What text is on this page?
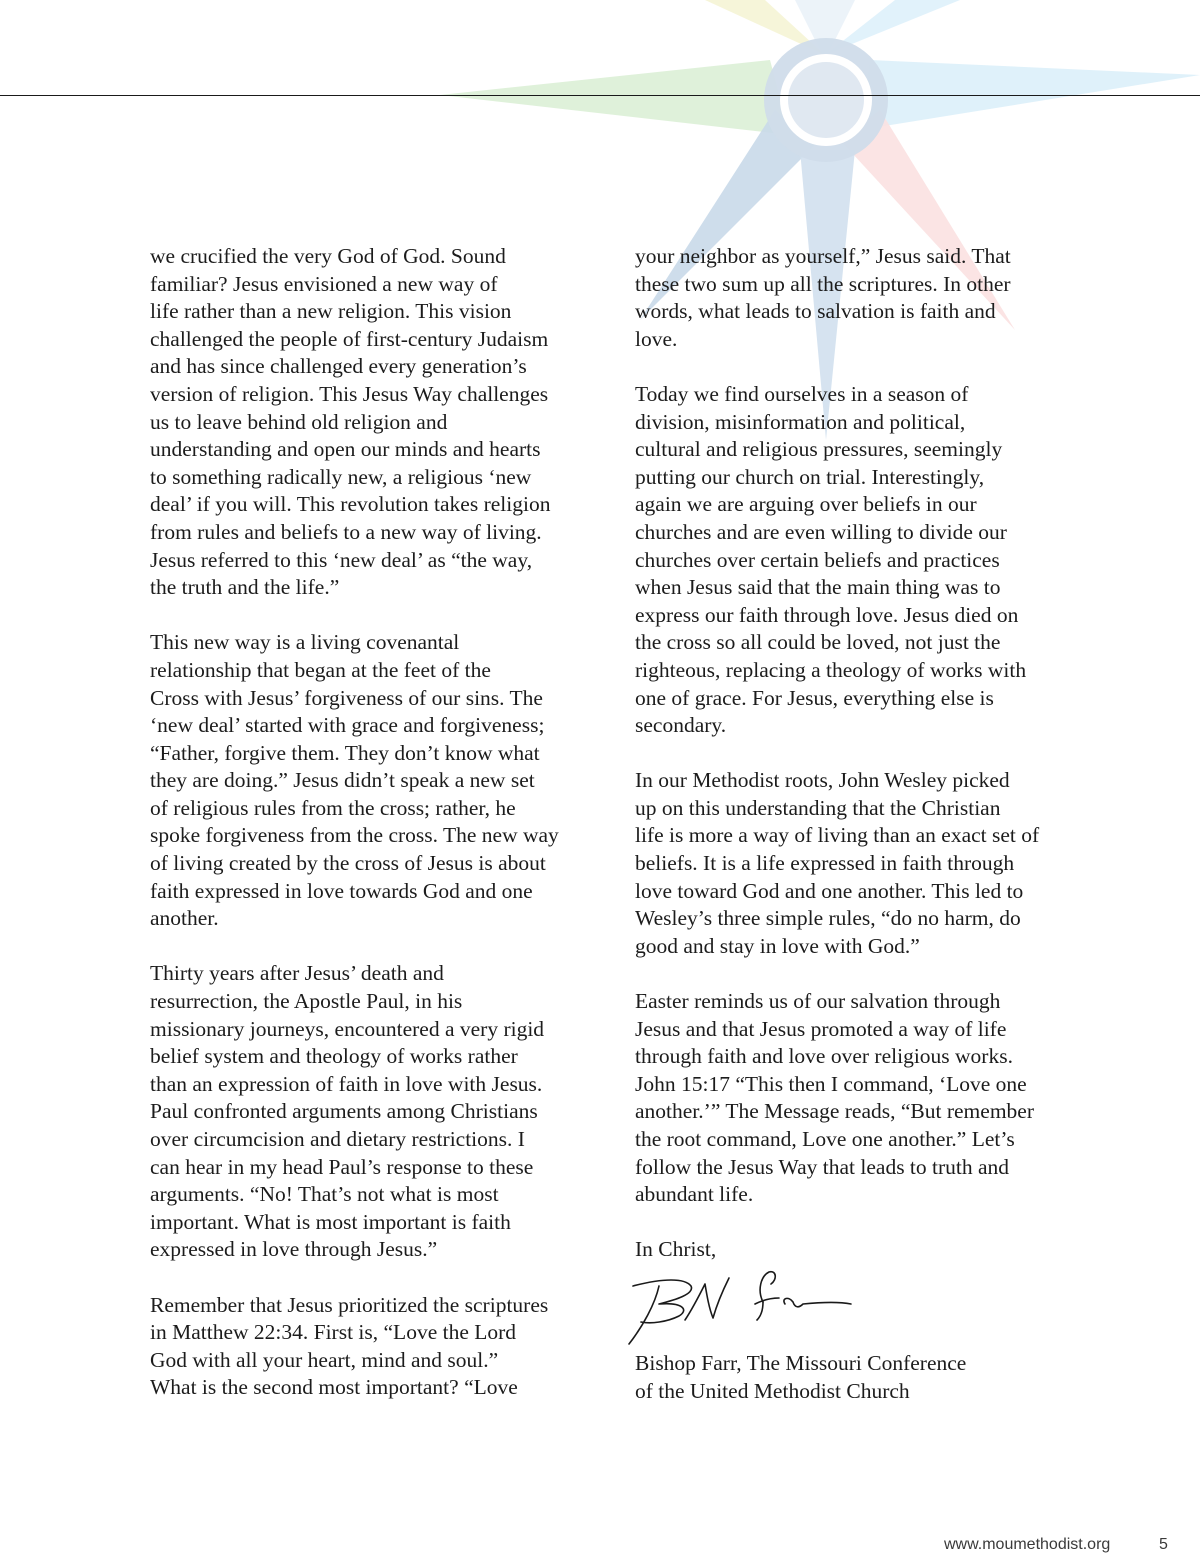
we crucified the very God of God. Sound
familiar? Jesus envisioned a new way of
life rather than a new religion. This vision
challenged the people of first-century Judaism
and has since challenged every generation’s
version of religion. This Jesus Way challenges
us to leave behind old religion and
understanding and open our minds and hearts
to something radically new, a religious ‘new
deal’ if you will. This revolution takes religion
from rules and beliefs to a new way of living.
Jesus referred to this ‘new deal’ as “the way,
the truth and the life.”

This new way is a living covenantal
relationship that began at the feet of the
Cross with Jesus’ forgiveness of our sins. The
‘new deal’ started with grace and forgiveness;
“Father, forgive them. They don’t know what
they are doing.” Jesus didn’t speak a new set
of religious rules from the cross; rather, he
spoke forgiveness from the cross. The new way
of living created by the cross of Jesus is about
faith expressed in love towards God and one
another.

Thirty years after Jesus’ death and
resurrection, the Apostle Paul, in his
missionary journeys, encountered a very rigid
belief system and theology of works rather
than an expression of faith in love with Jesus.
Paul confronted arguments among Christians
over circumcision and dietary restrictions. I
can hear in my head Paul’s response to these
arguments. “No! That’s not what is most
important. What is most important is faith
expressed in love through Jesus.”

Remember that Jesus prioritized the scriptures
in Matthew 22:34. First is, “Love the Lord
God with all your heart, mind and soul.”
What is the second most important? “Love

your neighbor as yourself,” Jesus said. That
these two sum up all the scriptures. In other
words, what leads to salvation is faith and
love.

Today we find ourselves in a season of
division, misinformation and political,
cultural and religious pressures, seemingly
putting our church on trial. Interestingly,
again we are arguing over beliefs in our
churches and are even willing to divide our
churches over certain beliefs and practices
when Jesus said that the main thing was to
express our faith through love. Jesus died on
the cross so all could be loved, not just the
righteous, replacing a theology of works with
one of grace. For Jesus, everything else is
secondary.

In our Methodist roots, John Wesley picked
up on this understanding that the Christian
life is more a way of living than an exact set of
beliefs. It is a life expressed in faith through
love toward God and one another. This led to
Wesley’s three simple rules, “do no harm, do
good and stay in love with God.”

Easter reminds us of our salvation through
Jesus and that Jesus promoted a way of life
through faith and love over religious works.
John 15:17 “This then I command, ‘Love one
another.’” The Message reads, “But remember
the root command, Love one another.” Let’s
follow the Jesus Way that leads to truth and
abundant life.

In Christ,

Bishop Farr, The Missouri Conference
of the United Methodist Church
www.moumethodist.org	5
